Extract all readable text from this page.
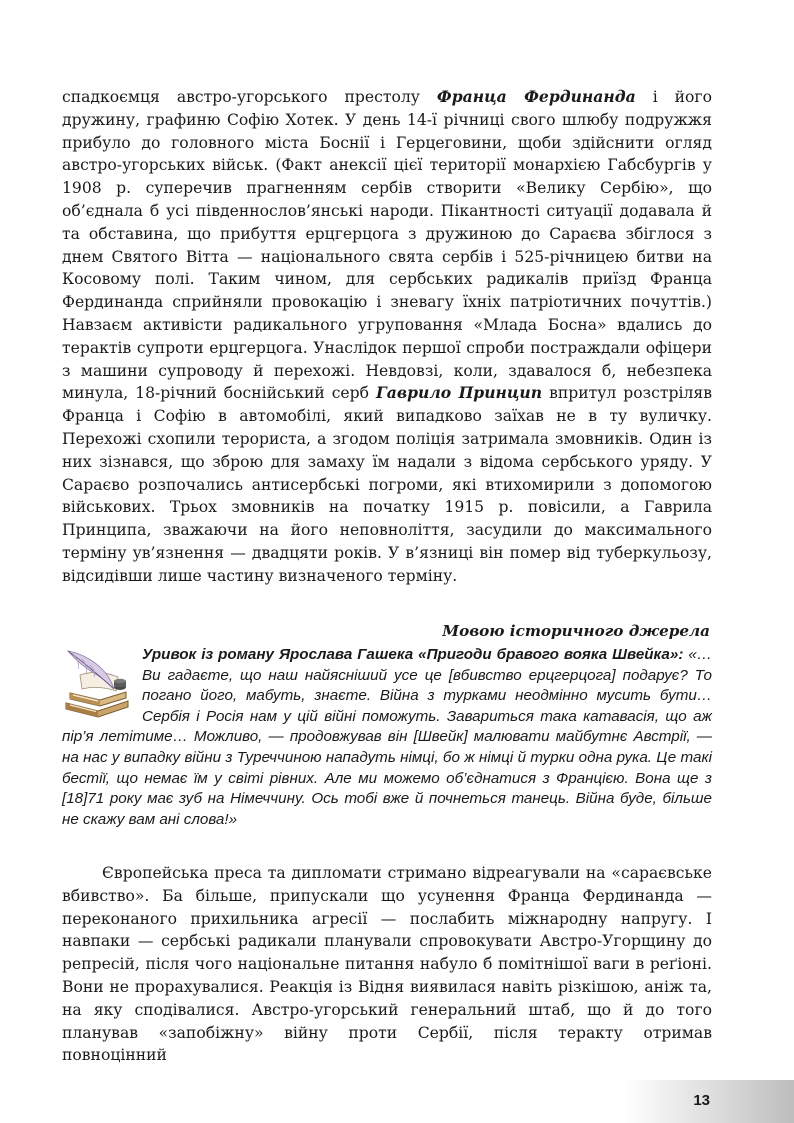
спадкоємця австро-угорського престолу Франца Фердинанда і його дружину, графиню Софію Хотек. У день 14-ї річниці свого шлюбу подружжя прибуло до головного міста Боснії і Герцеговини, щоби здійснити огляд австро-угорських військ. (Факт анексії цієї території монархією Габсбургів у 1908 р. суперечив прагненням сербів створити «Велику Сербію», що об’єднала б усі південнослов’янські народи. Пікантності ситуації додавала й та обставина, що прибуття ерцгерцога з дружиною до Сараєва збіглося з днем Святого Вітта — національного свята сербів і 525-річницею битви на Косовому полі. Таким чином, для сербських радикалів приїзд Франца Фердинанда сприйняли провокацію і зневагу їхніх патріотичних почуттів.) Навзаєм активісти радикального угруповання «Млада Босна» вдались до терактів супроти ерцгерцога. Унаслідок першої спроби постраждали офіцери з машини супроводу й перехожі. Невдовзі, коли, здавалося б, небезпека минула, 18-річний боснійський серб Гаврило Принцип впритул розстріляв Франца і Софію в автомобілі, який випадково заїхав не в ту вуличку. Перехожі схопили терориста, а згодом поліція затримала змовників. Один із них зізнався, що зброю для замаху їм надали з відома сербського уряду. У Сараєво розпочались антисербські погроми, які втихомирили з допомогою військових. Трьох змовників на початку 1915 р. повісили, а Гаврила Принципа, зважаючи на його неповноліття, засудили до максимального терміну ув’язнення — двадцяти років. У в’язниці він помер від туберкульозу, відсидівши лише частину визначеного терміну.

Мовою історичного джерела

Уривок із роману Ярослава Гашека «Пригоди бравого вояка Швейка»: «…Ви гадаєте, що наш найясніший усе це [вбивство ерцгерцога] подарує? То погано його, мабуть, знаєте. Війна з турками неодмінно мусить бути… Сербія і Росія нам у цій війні поможуть. Завариться така катавасія, що аж пір’я летітиме… Можливо, — продовжував він [Швейк] малювати майбутнє Австрії, — на нас у випадку війни з Туреччиною нападуть німці, бо ж німці й турки одна рука. Це такі бестії, що немає їм у світі рівних. Але ми можемо об’єднатися з Францією. Вона ще з [18]71 року має зуб на Німеччину. Ось тобі вже й почнеться танець. Війна буде, більше не скажу вам ані слова!»

Європейська преса та дипломати стримано відреагували на «сараєвське вбивство». Ба більше, припускали що усунення Франца Фердинанда — переконаного прихильника агресії — послабить міжнародну напругу. І навпаки — сербські радикали планували спровокувати Австро-Угорщину до репресій, після чого національне питання набуло б помітнішої ваги в реґіоні. Вони не прорахувалися. Реакція із Відня виявилася навіть різкішою, аніж та, на яку сподівалися. Австро-угорський генеральний штаб, що й до того планував «запобіжну» війну проти Сербії, після теракту отримав повноцінний

13
